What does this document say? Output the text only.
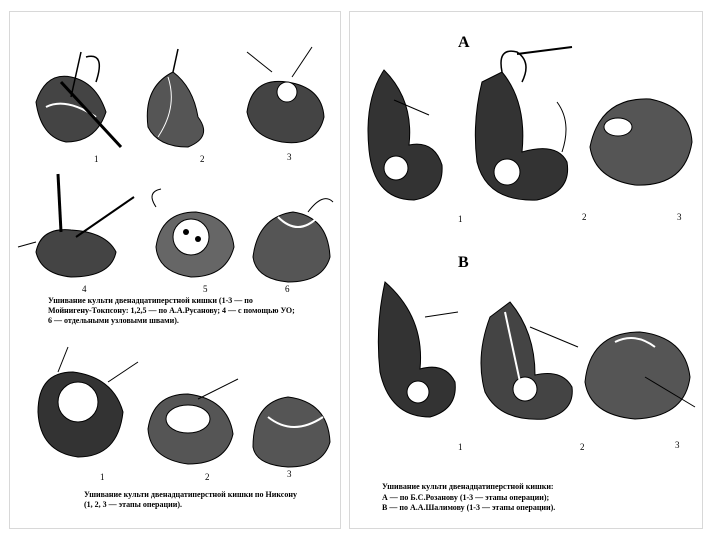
1	2	3
4	5	6
Ушивание культи двенадцатиперстной кишки (1-3 — по
Мойнигену-Токпсону: 1,2,5 — по А.А.Русанову; 4 — с помощью УО;
6 — отдельными узловыми швами).
1	2	3
Ушивание культи двенадцатиперстной кишки по Никсону
(1, 2, 3 — этапы операции).
A
1	2	3
B
1	2	3
Ушивание культи двенадцатиперстной кишки:
А — по Б.С.Розанову (1-3 — этапы операции);
В — по А.А.Шалимову (1-3 — этапы операции).
